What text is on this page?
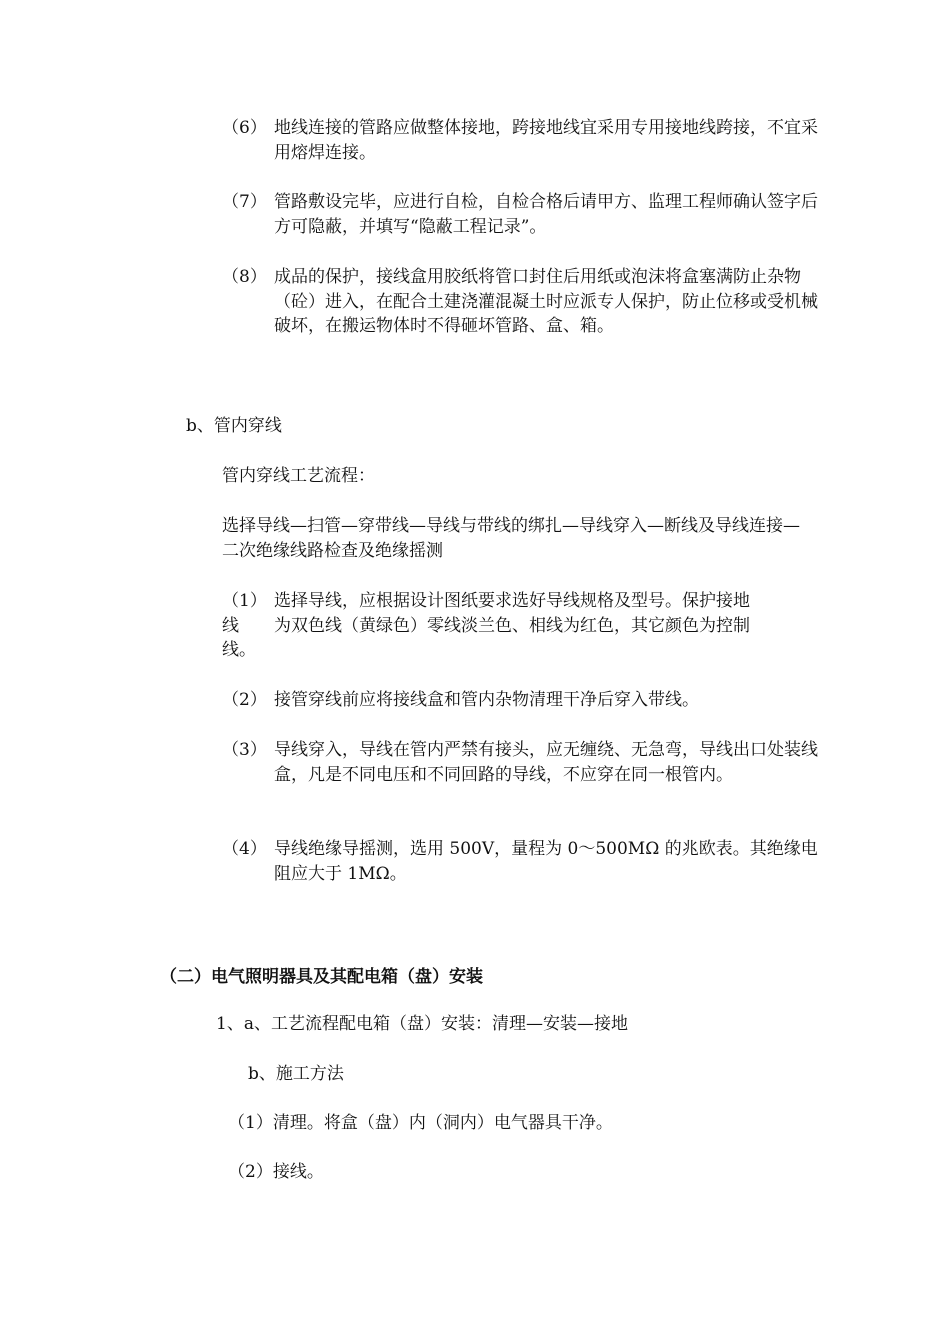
（6） 地线连接的管路应做整体接地，跨接地线宜采用专用接地线跨接，不宜采用熔焊连接。
（7） 管路敷设完毕，应进行自检，自检合格后请甲方、监理工程师确认签字后方可隐蔽，并填写“隐蔽工程记录”。
（8） 成品的保护，接线盒用胶纸将管口封住后用纸或泡沫将盒塞满防止杂物（砼）进入，在配合土建浇灌混凝土时应派专人保护，防止位移或受机械破坏，在搬运物体时不得砸坏管路、盒、箱。
b、管内穿线
管内穿线工艺流程：
选择导线—扫管—穿带线—导线与带线的绑扎—导线穿入—断线及导线连接—二次绝缘线路检查及绝缘摇测
（1） 选择导线，应根据设计图纸要求选好导线规格及型号。保护接地
线 为双色线（黄绿色）零线淡兰色、相线为红色，其它颜色为控制
线。
（2） 接管穿线前应将接线盒和管内杂物清理干净后穿入带线。
（3） 导线穿入，导线在管内严禁有接头，应无缠绕、无急弯，导线出口处装线盒，凡是不同电压和不同回路的导线，不应穿在同一根管内。
（4） 导线绝缘导摇测，选用 500V，量程为 0～500MΩ 的兆欧表。其绝缘电阻应大于 1MΩ。
（二）电气照明器具及其配电箱（盘）安装
1、a、工艺流程配电箱（盘）安装：清理—安装—接地
b、施工方法
（1）清理。将盒（盘）内（洞内）电气器具干净。
（2）接线。
